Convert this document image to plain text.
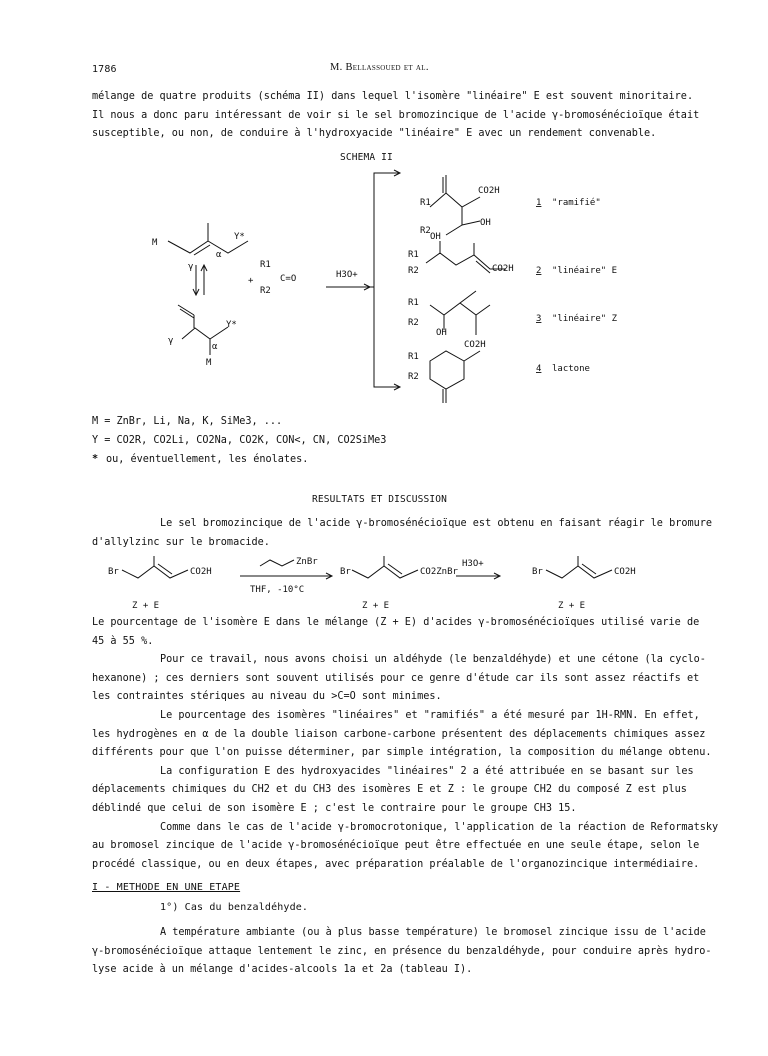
1786	M. Bellassoued et al.
mélange de quatre produits (schéma II) dans lequel l'isomère "linéaire" E est souvent minoritaire.
Il nous a donc paru intéressant de voir si le sel bromozincique de l'acide γ-bromosénécioïque était
susceptible, ou non, de conduire à l'hydroxyacide "linéaire" E avec un rendement convenable.
SCHEMA II
M
Y*
γ
α
γ
α
Y*
M
R1
+	C=O
R2
H3O+
CO2H
R1
R2
OH
OH
R1
R2	CO2H
R1
R2
OH
CO2H
R1
R2
1 "ramifié"
2 "linéaire" E
3 "linéaire" Z
4 lactone
M = ZnBr, Li, Na, K, SiMe3, ...
Y = CO2R, CO2Li, CO2Na, CO2K, CON<, CN, CO2SiMe3
* ou, éventuellement, les énolates.
RESULTATS ET DISCUSSION
Le sel bromozincique de l'acide γ-bromosénécioïque est obtenu en faisant réagir le bromure
d'allylzinc sur le bromacide.
Br	CO2H
ZnBr
THF, -10°C
Br	CO2ZnBr
H3O+
Br	CO2H
Z + E	Z + E	Z + E
Le pourcentage de l'isomère E dans le mélange (Z + E) d'acides γ-bromosénécioïques utilisé varie de
45 à 55 %.
Pour ce travail, nous avons choisi un aldéhyde (le benzaldéhyde) et une cétone (la cyclo-
hexanone) ; ces derniers sont souvent utilisés pour ce genre d'étude car ils sont assez réactifs et
les contraintes stériques au niveau du >C=O sont minimes.
Le pourcentage des isomères "linéaires" et "ramifiés" a été mesuré par 1H-RMN. En effet,
les hydrogènes en α de la double liaison carbone-carbone présentent des déplacements chimiques assez
différents pour que l'on puisse déterminer, par simple intégration, la composition du mélange obtenu.
La configuration E des hydroxyacides "linéaires" 2 a été attribuée en se basant sur les
déplacements chimiques du CH2 et du CH3 des isomères E et Z : le groupe CH2 du composé Z est plus
déblindé que celui de son isomère E ; c'est le contraire pour le groupe CH3 15.
Comme dans le cas de l'acide γ-bromocrotonique, l'application de la réaction de Reformatsky
au bromosel zincique de l'acide γ-bromosénécioïque peut être effectuée en une seule étape, selon le
procédé classique, ou en deux étapes, avec préparation préalable de l'organozincique intermédiaire.
I - METHODE EN UNE ETAPE
1°) Cas du benzaldéhyde.
A température ambiante (ou à plus basse température) le bromosel zincique issu de l'acide
γ-bromosénécioïque attaque lentement le zinc, en présence du benzaldéhyde, pour conduire après hydro-
lyse acide à un mélange d'acides-alcools 1a et 2a (tableau I).
